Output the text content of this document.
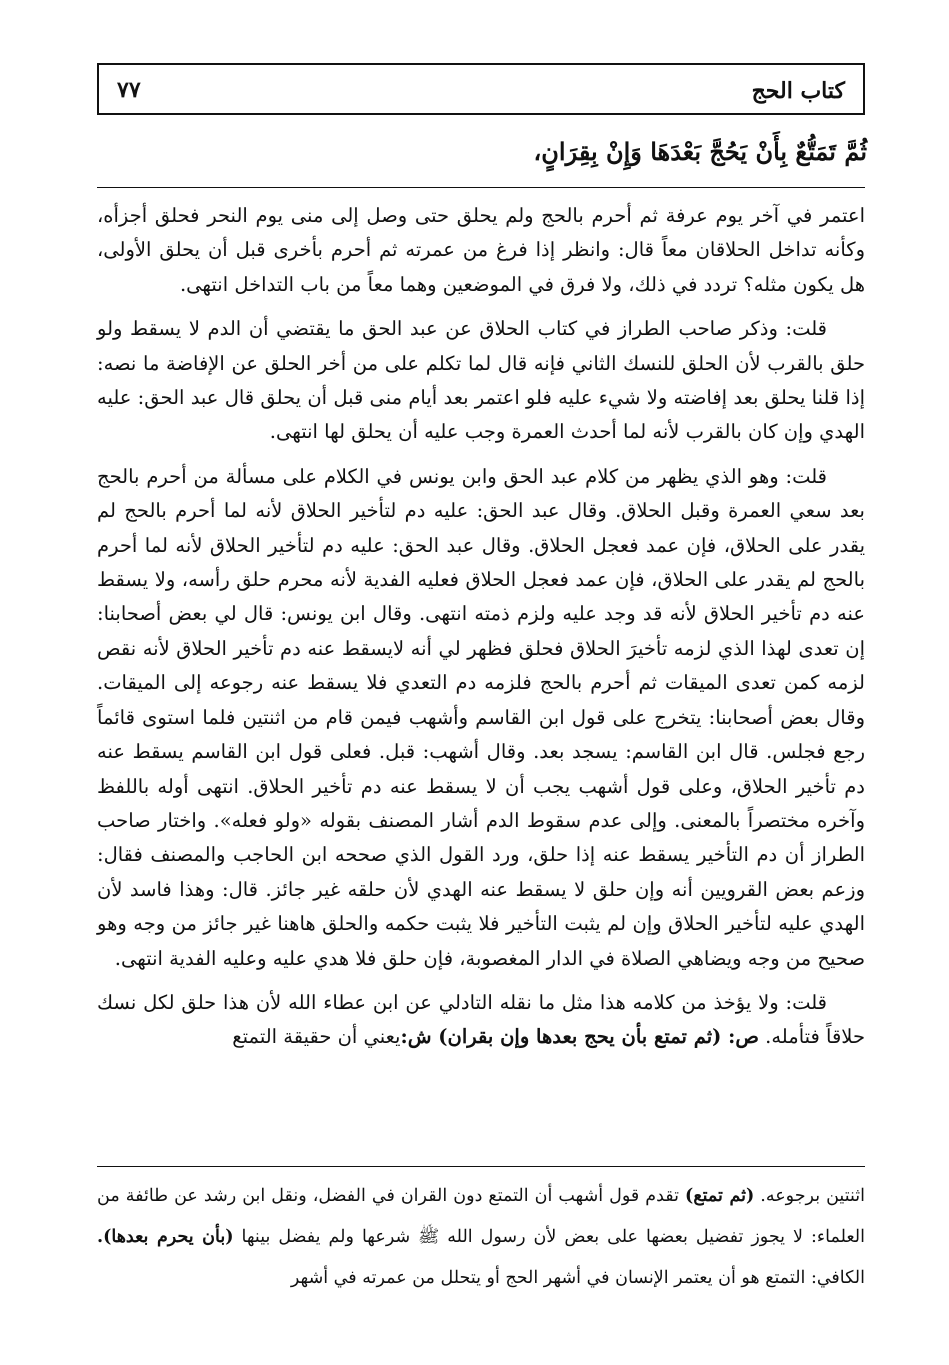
كتاب الحج
٧٧
ثُمَّ تَمَتُّعٌ بِأَنْ يَحُجَّ بَعْدَهَا وَإِنْ بِقِرَانٍ،

اعتمر في آخر يوم عرفة ثم أحرم بالحج ولم يحلق حتى وصل إلى منى يوم النحر فحلق أجزأه، وكأنه تداخل الحلاقان معاً قال: وانظر إذا فرغ من عمرته ثم أحرم بأخرى قبل أن يحلق الأولى، هل يكون مثله؟ تردد في ذلك، ولا فرق في الموضعين وهما معاً من باب التداخل انتهى.

قلت: وذكر صاحب الطراز في كتاب الحلاق عن عبد الحق ما يقتضي أن الدم لا يسقط ولو حلق بالقرب لأن الحلق للنسك الثاني فإنه قال لما تكلم على من أخر الحلق عن الإفاضة ما نصه: إذا قلنا يحلق بعد إفاضته ولا شيء عليه فلو اعتمر بعد أيام منى قبل أن يحلق قال عبد الحق: عليه الهدي وإن كان بالقرب لأنه لما أحدث العمرة وجب عليه أن يحلق لها انتهى.

قلت: وهو الذي يظهر من كلام عبد الحق وابن يونس في الكلام على مسألة من أحرم بالحج بعد سعي العمرة وقبل الحلاق. وقال عبد الحق: عليه دم لتأخير الحلاق لأنه لما أحرم بالحج لم يقدر على الحلاق، فإن عمد فعجل الحلاق. وقال عبد الحق: عليه دم لتأخير الحلاق لأنه لما أحرم بالحج لم يقدر على الحلاق، فإن عمد فعجل الحلاق فعليه الفدية لأنه محرم حلق رأسه، ولا يسقط عنه دم تأخير الحلاق لأنه قد وجد عليه ولزم ذمته انتهى. وقال ابن يونس: قال لي بعض أصحابنا: إن تعدى لهذا الذي لزمه تأخيرَ الحلاق فحلق فظهر لي أنه لايسقط عنه دم تأخير الحلاق لأنه نقص لزمه كمن تعدى الميقات ثم أحرم بالحج فلزمه دم التعدي فلا يسقط عنه رجوعه إلى الميقات. وقال بعض أصحابنا: يتخرج على قول ابن القاسم وأشهب فيمن قام من اثنتين فلما استوى قائماً رجع فجلس. قال ابن القاسم: يسجد بعد. وقال أشهب: قبل. فعلى قول ابن القاسم يسقط عنه دم تأخير الحلاق، وعلى قول أشهب يجب أن لا يسقط عنه دم تأخير الحلاق. انتهى أوله باللفظ وآخره مختصراً بالمعنى. وإلى عدم سقوط الدم أشار المصنف بقوله «ولو فعله». واختار صاحب الطراز أن دم التأخير يسقط عنه إذا حلق، ورد القول الذي صححه ابن الحاجب والمصنف فقال: وزعم بعض القرويين أنه وإن حلق لا يسقط عنه الهدي لأن حلقه غير جائز. قال: وهذا فاسد لأن الهدي عليه لتأخير الحلاق وإن لم يثبت التأخير فلا يثبت حكمه والحلق هاهنا غير جائز من وجه وهو صحيح من وجه ويضاهي الصلاة في الدار المغصوبة، فإن حلق فلا هدي عليه وعليه الفدية انتهى.

قلت: ولا يؤخذ من كلامه هذا مثل ما نقله التادلي عن ابن عطاء الله لأن هذا حلق لكل نسك حلاقاً فتأمله. ص: (ثم تمتع بأن يحج بعدها وإن بقران) ش:يعني أن حقيقة التمتع

اثنتين برجوعه. (ثم تمتع) تقدم قول أشهب أن التمتع دون القران في الفضل، ونقل ابن رشد عن طائفة من العلماء: لا يجوز تفضيل بعضها على بعض لأن رسول الله ﷺ شرعها ولم يفضل بينها (بأن يحرم بعدها). الكافي: التمتع هو أن يعتمر الإنسان في أشهر الحج أو يتحلل من عمرته في أشهر
